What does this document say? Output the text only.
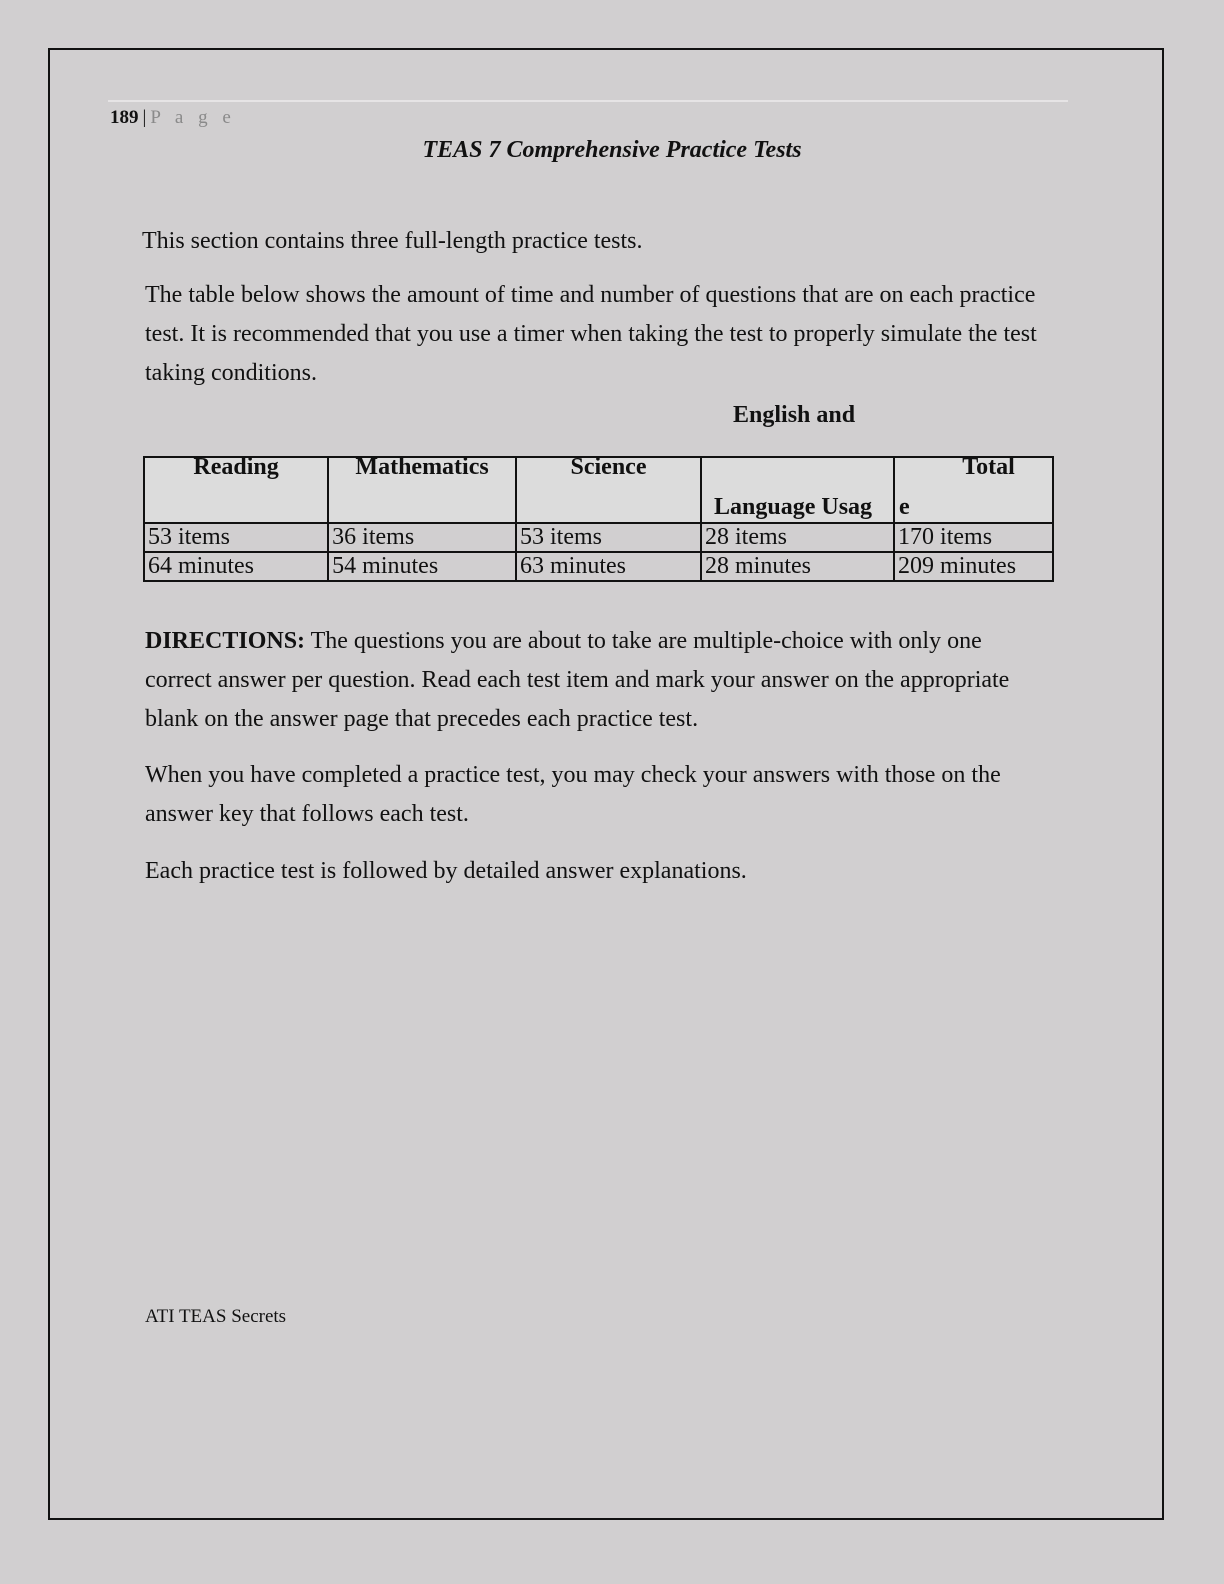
189 | P a g e
TEAS 7 Comprehensive Practice Tests

This section contains three full-length practice tests.

The table below shows the amount of time and number of questions that are on each practice test. It is recommended that you use a timer when taking the test to properly simulate the test taking conditions.

English and
Reading	Mathematics	Science	Language Usag	Total
e

53 items	36 items	53 items	28 items	170 items
64 minutes	54 minutes	63 minutes	28 minutes	209 minutes

DIRECTIONS: The questions you are about to take are multiple-choice with only one correct answer per question. Read each test item and mark your answer on the appropriate blank on the answer page that precedes each practice test.

When you have completed a practice test, you may check your answers with those on the answer key that follows each test.

Each practice test is followed by detailed answer explanations.

ATI TEAS Secrets
